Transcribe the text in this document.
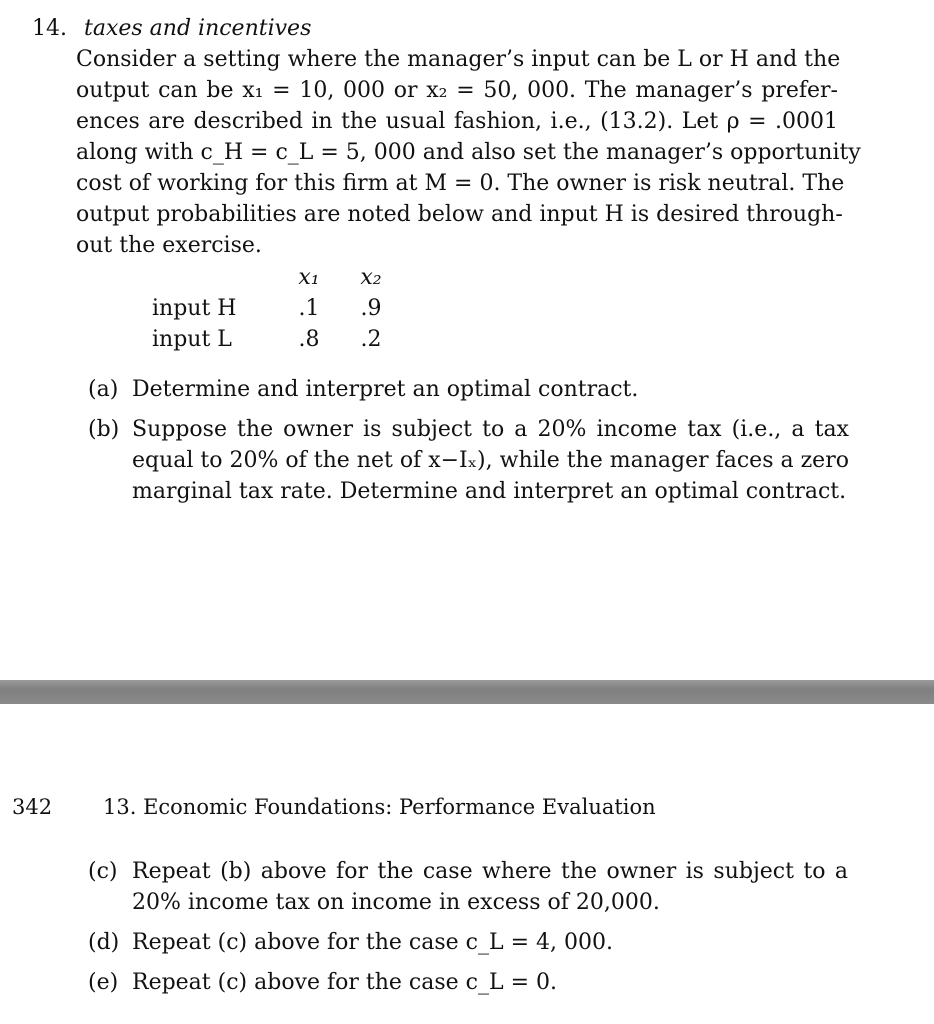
14. taxes and incentives
Consider a setting where the manager’s input can be L or H and the
output can be x₁ = 10, 000 or x₂ = 50, 000. The manager’s prefer-
ences are described in the usual fashion, i.e., (13.2). Let ρ = .0001
along with c_H = c_L = 5, 000 and also set the manager’s opportunity
cost of working for this firm at M = 0. The owner is risk neutral. The
output probabilities are noted below and input H is desired through-
out the exercise.
	x₁	x₂
input H	.1	.9
input L	.8	.2
(a) Determine and interpret an optimal contract.
(b) Suppose the owner is subject to a 20% income tax (i.e., a tax
equal to 20% of the net of x−Iₓ), while the manager faces a zero
marginal tax rate. Determine and interpret an optimal contract.
342 13. Economic Foundations: Performance Evaluation
(c) Repeat (b) above for the case where the owner is subject to a
20% income tax on income in excess of 20,000.
(d) Repeat (c) above for the case c_L = 4, 000.
(e) Repeat (c) above for the case c_L = 0.
